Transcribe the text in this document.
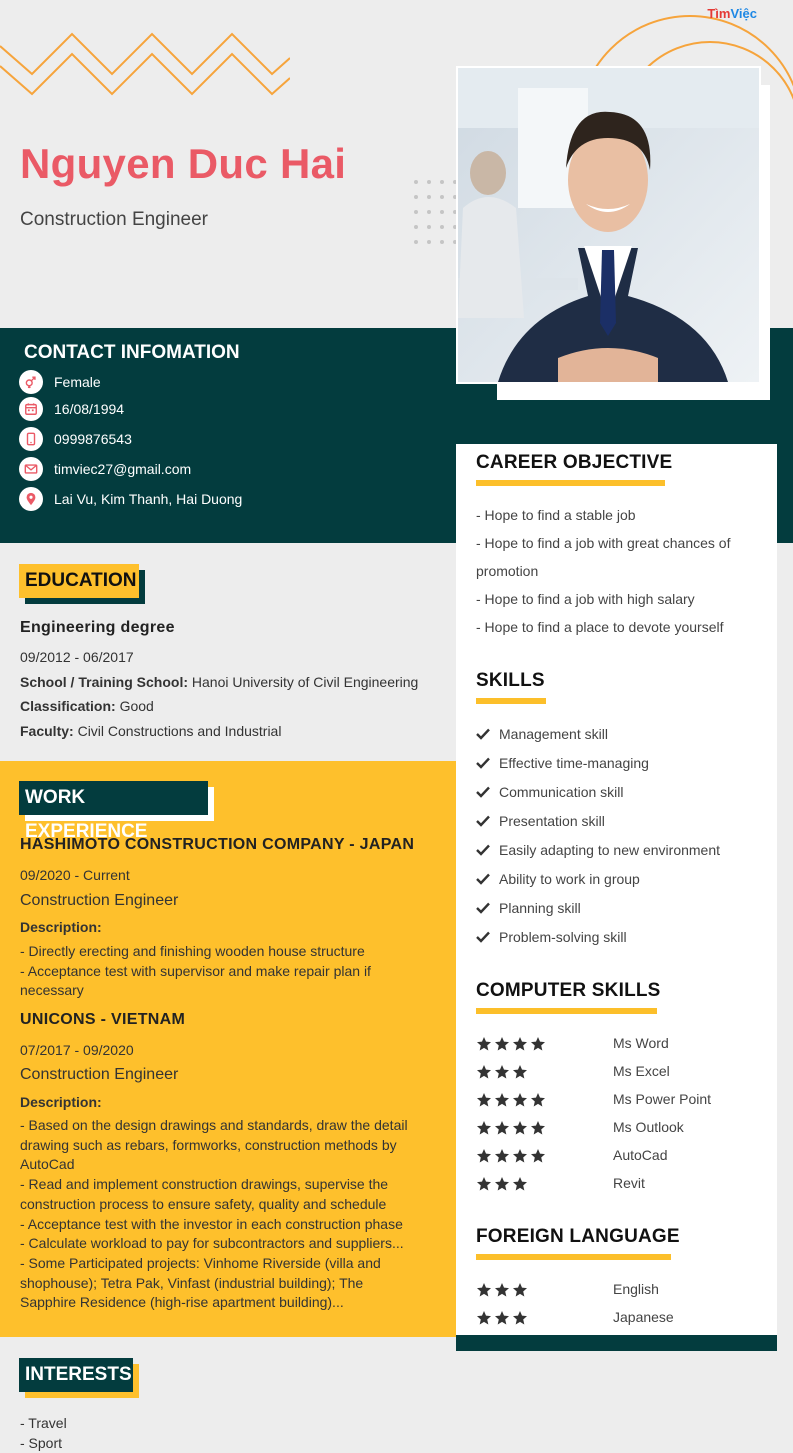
TìmViệc
Nguyen Duc Hai
Construction Engineer
CONTACT INFOMATION
Female
16/08/1994
0999876543
timviec27@gmail.com
Lai Vu, Kim Thanh, Hai Duong
CAREER OBJECTIVE
- Hope to find a stable job
- Hope to find a job with great chances of
promotion
- Hope to find a job with high salary
- Hope to find a place to devote yourself
SKILLS
Management skill
Effective time-managing
Communication skill
Presentation skill
Easily adapting to new environment
Ability to work in group
Planning skill
Problem-solving skill
COMPUTER SKILLS
Ms Word
Ms Excel
Ms Power Point
Ms Outlook
AutoCad
Revit
FOREIGN LANGUAGE
English
Japanese
EDUCATION
Engineering degree
09/2012 - 06/2017
School / Training School: Hanoi University of Civil Engineering
Classification: Good
Faculty: Civil Constructions and Industrial
WORK EXPERIENCE
HASHIMOTO CONSTRUCTION COMPANY - JAPAN
09/2020 - Current
Construction Engineer
Description:
- Directly erecting and finishing wooden house structure
- Acceptance test with supervisor and make repair plan if necessary
UNICONS - VIETNAM
07/2017 - 09/2020
Construction Engineer
Description:
- Based on the design drawings and standards, draw the detail drawing such as rebars, formworks, construction methods by AutoCad
- Read and implement construction drawings, supervise the construction process to ensure safety, quality and schedule
- Acceptance test with the investor in each construction phase
- Calculate workload to pay for subcontractors and suppliers...
- Some Participated projects: Vinhome Riverside (villa and shophouse); Tetra Pak, Vinfast (industrial building); The Sapphire Residence (high-rise apartment building)...
INTERESTS
- Travel
- Sport
